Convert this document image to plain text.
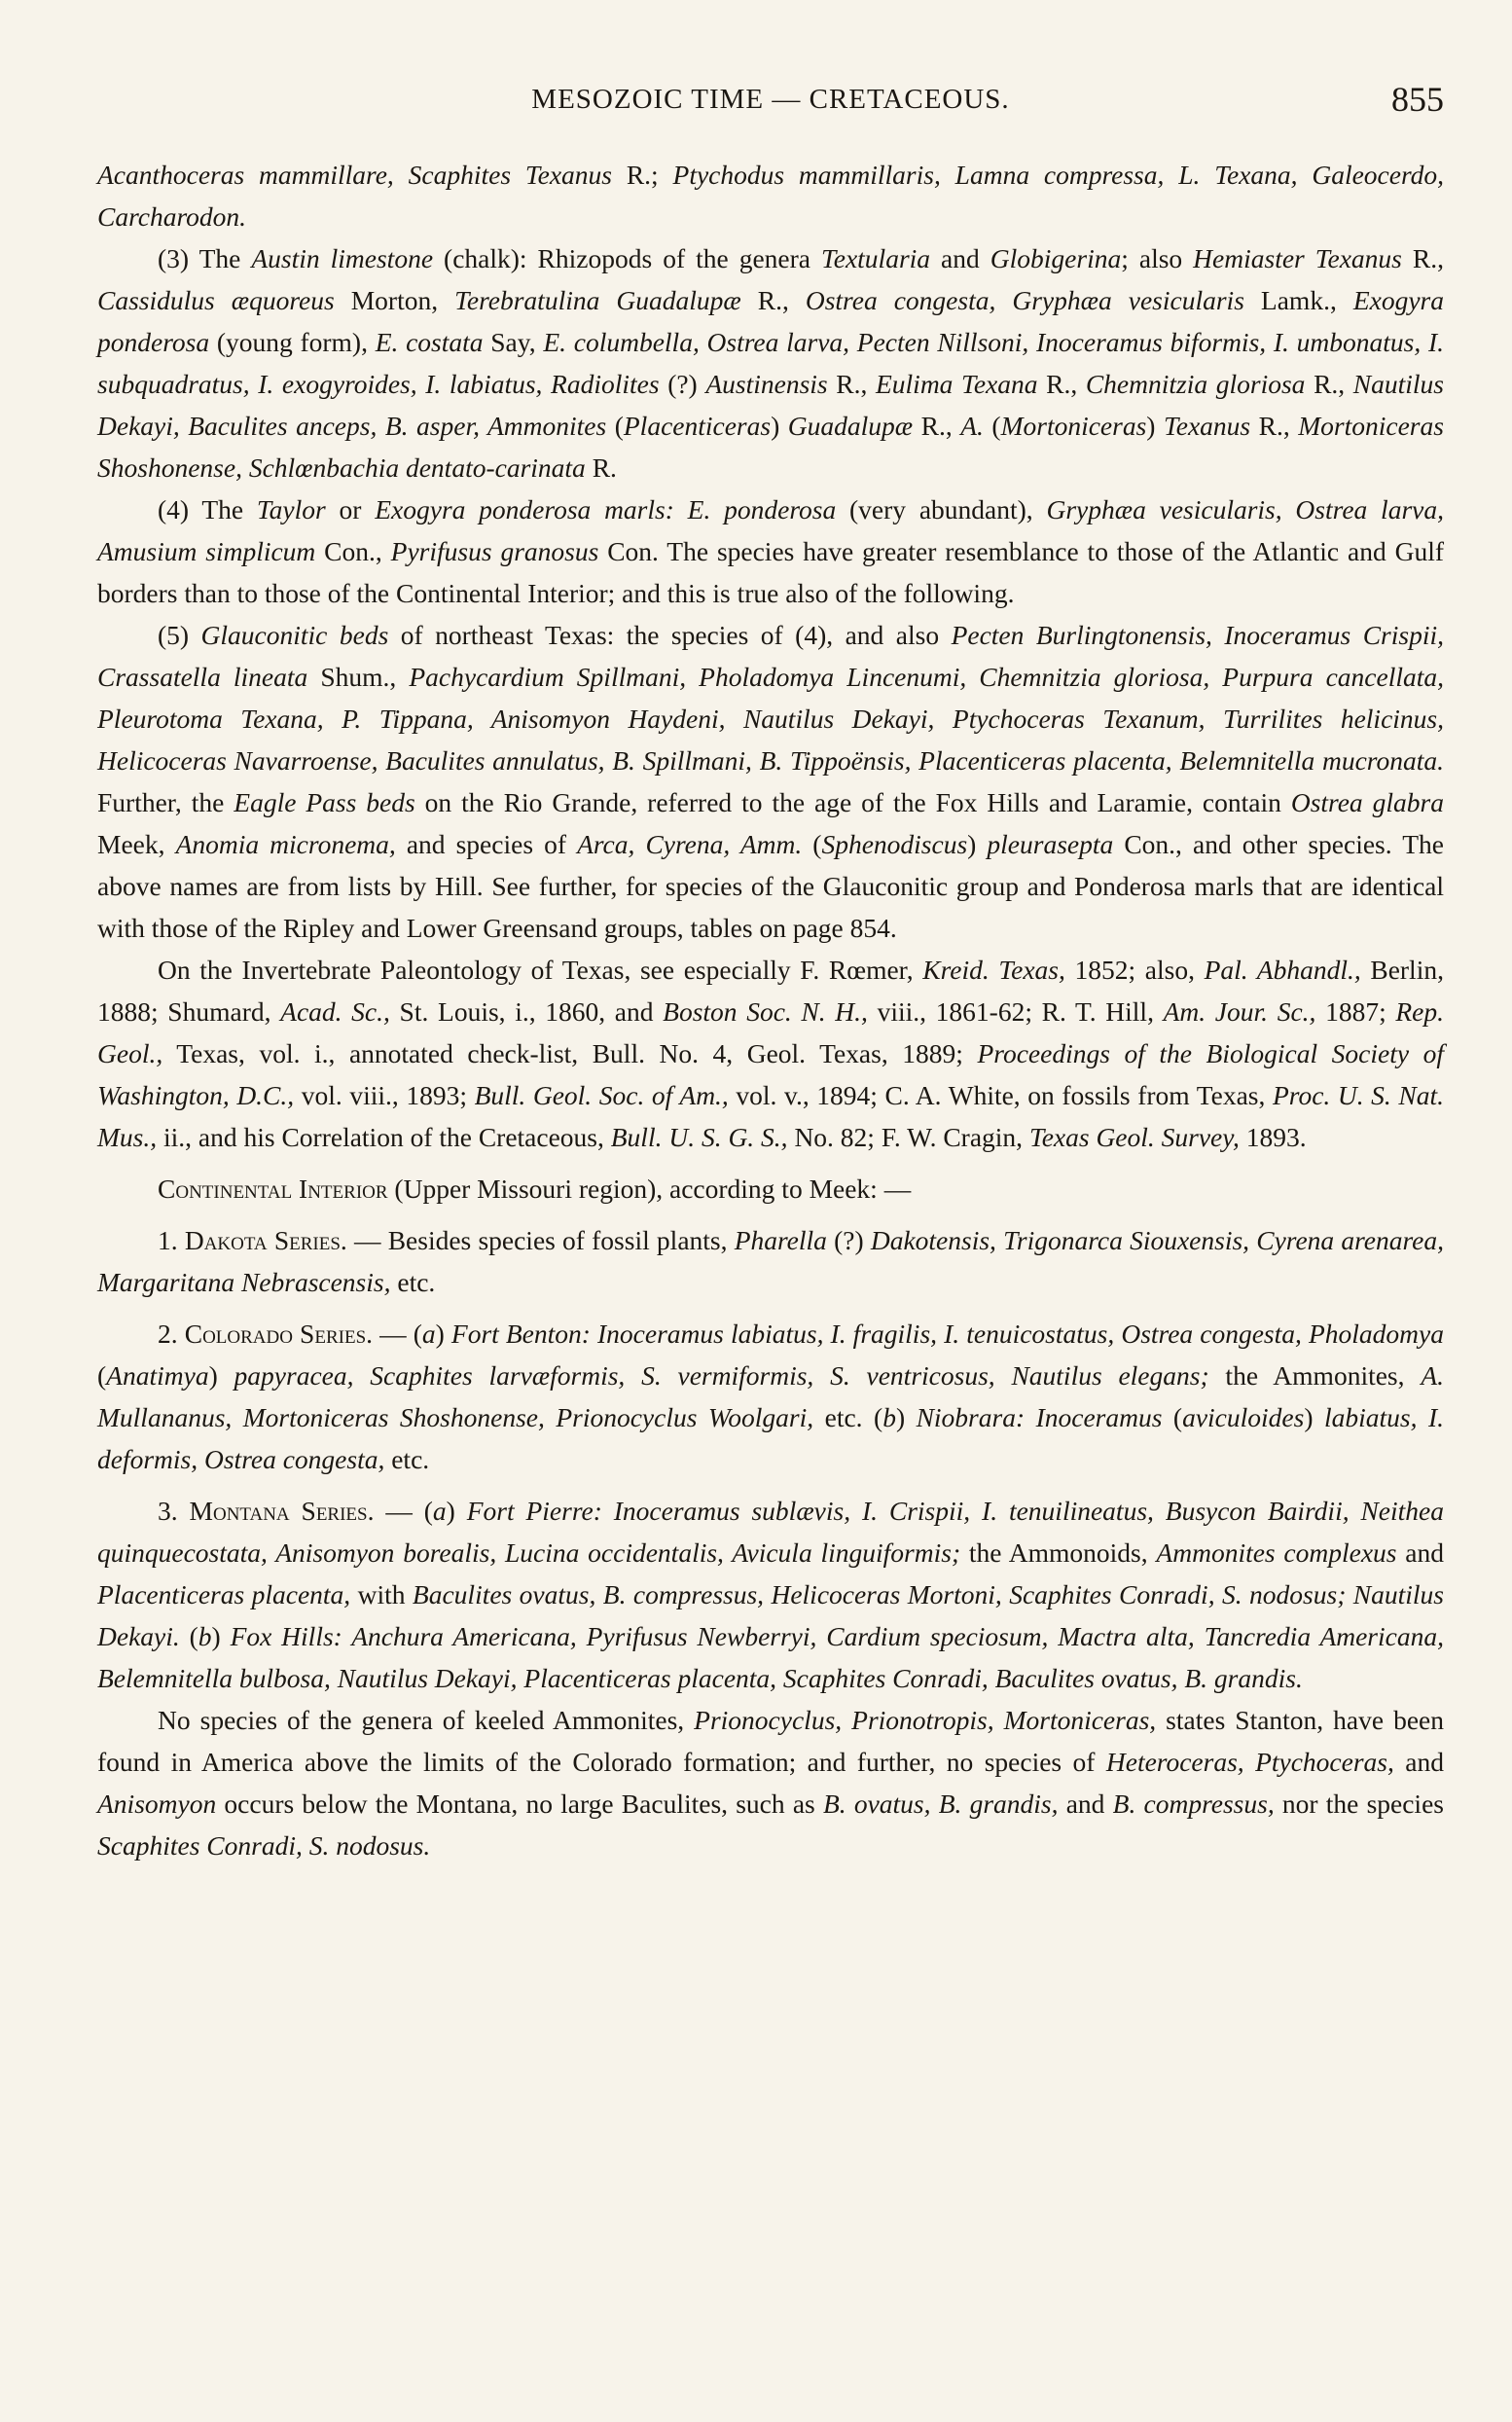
MESOZOIC TIME — CRETACEOUS.	855

Acanthoceras mammillare, Scaphites Texanus R.; Ptychodus mammillaris, Lamna compressa, L. Texana, Galeocerdo, Carcharodon.

(3) The Austin limestone (chalk): Rhizopods of the genera Textularia and Globigerina; also Hemiaster Texanus R., Cassidulus æquoreus Morton, Terebratulina Guadalupæ R., Ostrea congesta, Gryphæa vesicularis Lamk., Exogyra ponderosa (young form), E. costata Say, E. columbella, Ostrea larva, Pecten Nillsoni, Inoceramus biformis, I. umbonatus, I. subquadratus, I. exogyroides, I. labiatus, Radiolites (?) Austinensis R., Eulima Texana R., Chemnitzia gloriosa R., Nautilus Dekayi, Baculites anceps, B. asper, Ammonites (Placenticeras) Guadalupæ R., A. (Mortoniceras) Texanus R., Mortoniceras Shoshonense, Schlœnbachia dentato-carinata R.

(4) The Taylor or Exogyra ponderosa marls: E. ponderosa (very abundant), Gryphæa vesicularis, Ostrea larva, Amusium simplicum Con., Pyrifusus granosus Con. The species have greater resemblance to those of the Atlantic and Gulf borders than to those of the Continental Interior; and this is true also of the following.

(5) Glauconitic beds of northeast Texas: the species of (4), and also Pecten Burlingtonensis, Inoceramus Crispii, Crassatella lineata Shum., Pachycardium Spillmani, Pholadomya Lincenumi, Chemnitzia gloriosa, Purpura cancellata, Pleurotoma Texana, P. Tippana, Anisomyon Haydeni, Nautilus Dekayi, Ptychoceras Texanum, Turrilites helicinus, Helicoceras Navarroense, Baculites annulatus, B. Spillmani, B. Tippoënsis, Placenticeras placenta, Belemnitella mucronata. Further, the Eagle Pass beds on the Rio Grande, referred to the age of the Fox Hills and Laramie, contain Ostrea glabra Meek, Anomia micronema, and species of Arca, Cyrena, Amm. (Sphenodiscus) pleurasepta Con., and other species. The above names are from lists by Hill. See further, for species of the Glauconitic group and Ponderosa marls that are identical with those of the Ripley and Lower Greensand groups, tables on page 854.

On the Invertebrate Paleontology of Texas, see especially F. Rœmer, Kreid. Texas, 1852; also, Pal. Abhandl., Berlin, 1888; Shumard, Acad. Sc., St. Louis, i., 1860, and Boston Soc. N. H., viii., 1861-62; R. T. Hill, Am. Jour. Sc., 1887; Rep. Geol., Texas, vol. i., annotated check-list, Bull. No. 4, Geol. Texas, 1889; Proceedings of the Biological Society of Washington, D.C., vol. viii., 1893; Bull. Geol. Soc. of Am., vol. v., 1894; C. A. White, on fossils from Texas, Proc. U. S. Nat. Mus., ii., and his Correlation of the Cretaceous, Bull. U. S. G. S., No. 82; F. W. Cragin, Texas Geol. Survey, 1893.

Continental Interior (Upper Missouri region), according to Meek: —

1. Dakota Series. — Besides species of fossil plants, Pharella (?) Dakotensis, Trigonarca Siouxensis, Cyrena arenarea, Margaritana Nebrascensis, etc.

2. Colorado Series. — (a) Fort Benton: Inoceramus labiatus, I. fragilis, I. tenuicostatus, Ostrea congesta, Pholadomya (Anatimya) papyracea, Scaphites larvæformis, S. vermiformis, S. ventricosus, Nautilus elegans; the Ammonites, A. Mullananus, Mortoniceras Shoshonense, Prionocyclus Woolgari, etc. (b) Niobrara: Inoceramus (aviculoides) labiatus, I. deformis, Ostrea congesta, etc.

3. Montana Series. — (a) Fort Pierre: Inoceramus sublævis, I. Crispii, I. tenuilineatus, Busycon Bairdii, Neithea quinquecostata, Anisomyon borealis, Lucina occidentalis, Avicula linguiformis; the Ammonoids, Ammonites complexus and Placenticeras placenta, with Baculites ovatus, B. compressus, Helicoceras Mortoni, Scaphites Conradi, S. nodosus; Nautilus Dekayi. (b) Fox Hills: Anchura Americana, Pyrifusus Newberryi, Cardium speciosum, Mactra alta, Tancredia Americana, Belemnitella bulbosa, Nautilus Dekayi, Placenticeras placenta, Scaphites Conradi, Baculites ovatus, B. grandis.

No species of the genera of keeled Ammonites, Prionocyclus, Prionotropis, Mortoniceras, states Stanton, have been found in America above the limits of the Colorado formation; and further, no species of Heteroceras, Ptychoceras, and Anisomyon occurs below the Montana, no large Baculites, such as B. ovatus, B. grandis, and B. compressus, nor the species Scaphites Conradi, S. nodosus.
